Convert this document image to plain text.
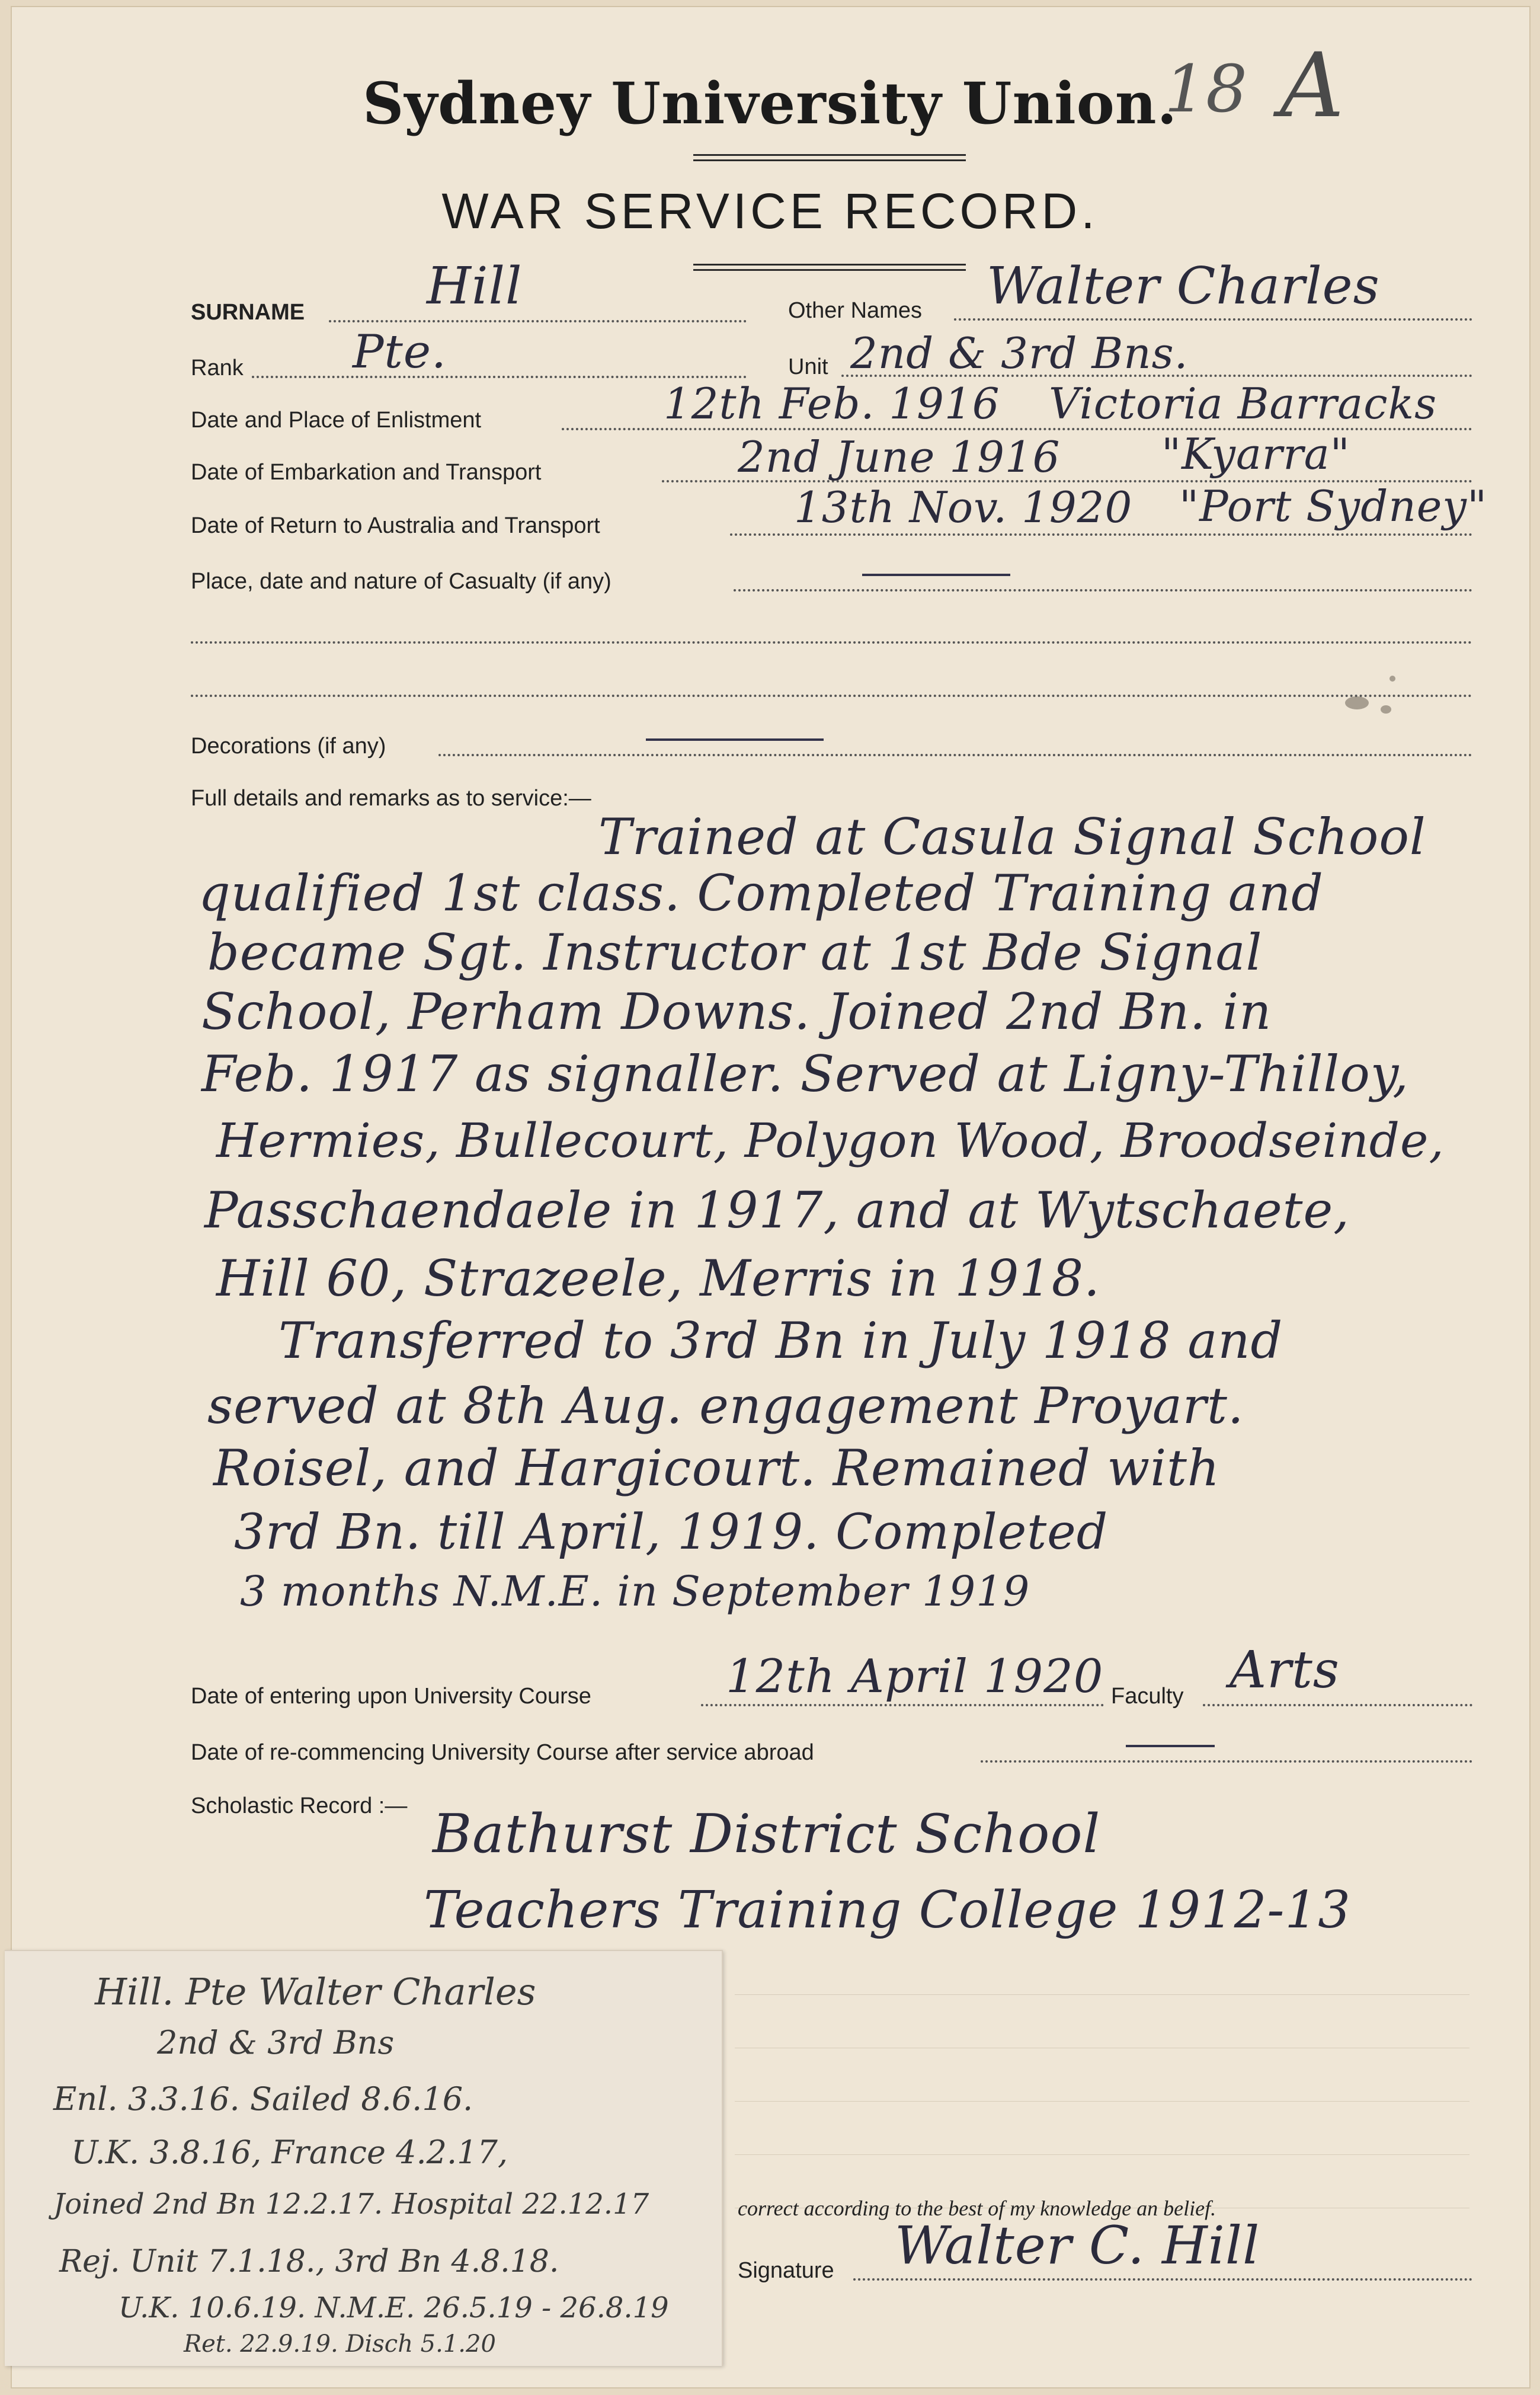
Sydney University Union.
18 A
WAR SERVICE RECORD.
SURNAME Hill	Other Names Walter Charles
Rank Pte.	Unit 2nd & 3rd Bns.
Date and Place of Enlistment	12th Feb. 1916 Victoria Barracks
Date of Embarkation and Transport	2nd June 1916 "Kyarra"
Date of Return to Australia and Transport	13th Nov. 1920 "Port Sydney"
Place, date and nature of Casualty (if any)
Decorations (if any)
Full details and remarks as to service:—
Trained at Casula Signal School
qualified 1st class. Completed Training and
became Sgt. Instructor at 1st Bde Signal
School, Perham Downs. Joined 2nd Bn. in
Feb. 1917 as signaller. Served at Ligny-Thilloy,
Hermies, Bullecourt, Polygon Wood, Broodseinde,
Passchaendaele in 1917, and at Wytschaete,
Hill 60, Strazeele, Merris in 1918.
Transferred to 3rd Bn in July 1918 and
served at 8th Aug. engagement Proyart.
Roisel, and Hargicourt. Remained with
3rd Bn. till April, 1919. Completed
3 months N.M.E. in September 1919
Date of entering upon University Course	12th April 1920 Faculty Arts
Date of re-commencing University Course after service abroad
Scholastic Record :— Bathurst District School
Teachers Training College 1912-13
Hill. Pte Walter Charles
2nd & 3rd Bns
Enl. 3.3.16. Sailed 8.6.16.
U.K. 3.8.16, France 4.2.17,
Joined 2nd Bn 12.2.17. Hospital 22.12.17
Rej. Unit 7.1.18., 3rd Bn 4.8.18.
U.K. 10.6.19. N.M.E. 26.5.19 - 26.8.19
Ret. 22.9.19. Disch 5.1.20
correct according to the best of my knowledge an belief.
Signature Walter C. Hill
